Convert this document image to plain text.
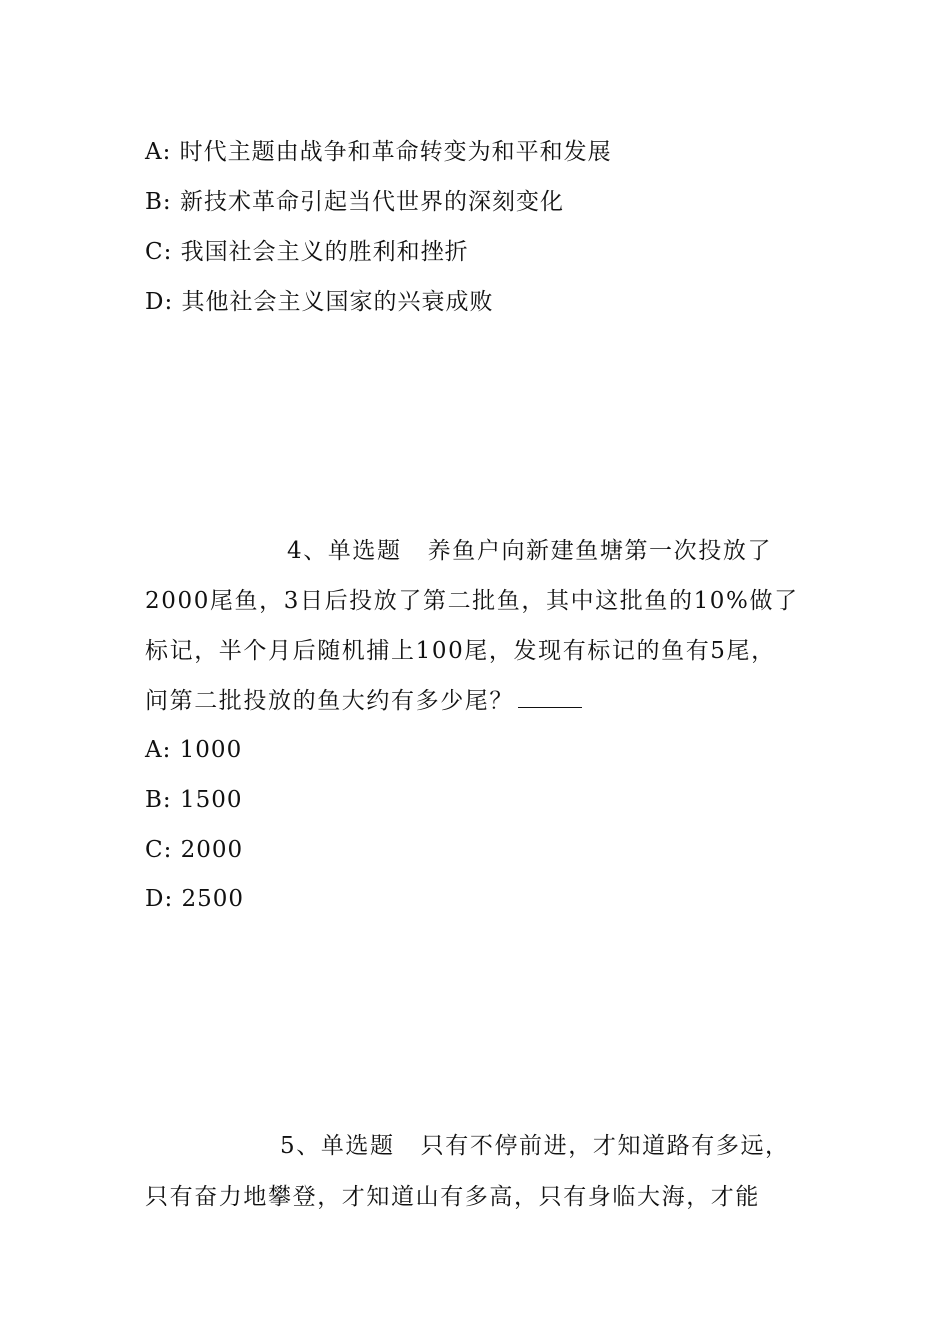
A: 时代主题由战争和革命转变为和平和发展
B: 新技术革命引起当代世界的深刻变化
C: 我国社会主义的胜利和挫折
D: 其他社会主义国家的兴衰成败
4、单选题 养鱼户向新建鱼塘第一次投放了
2000尾鱼，3日后投放了第二批鱼，其中这批鱼的10%做了
标记，半个月后随机捕上100尾，发现有标记的鱼有5尾，
问第二批投放的鱼大约有多少尾？
A: 1000
B: 1500
C: 2000
D: 2500
5、单选题 只有不停前进，才知道路有多远，
只有奋力地攀登，才知道山有多高，只有身临大海，才能
